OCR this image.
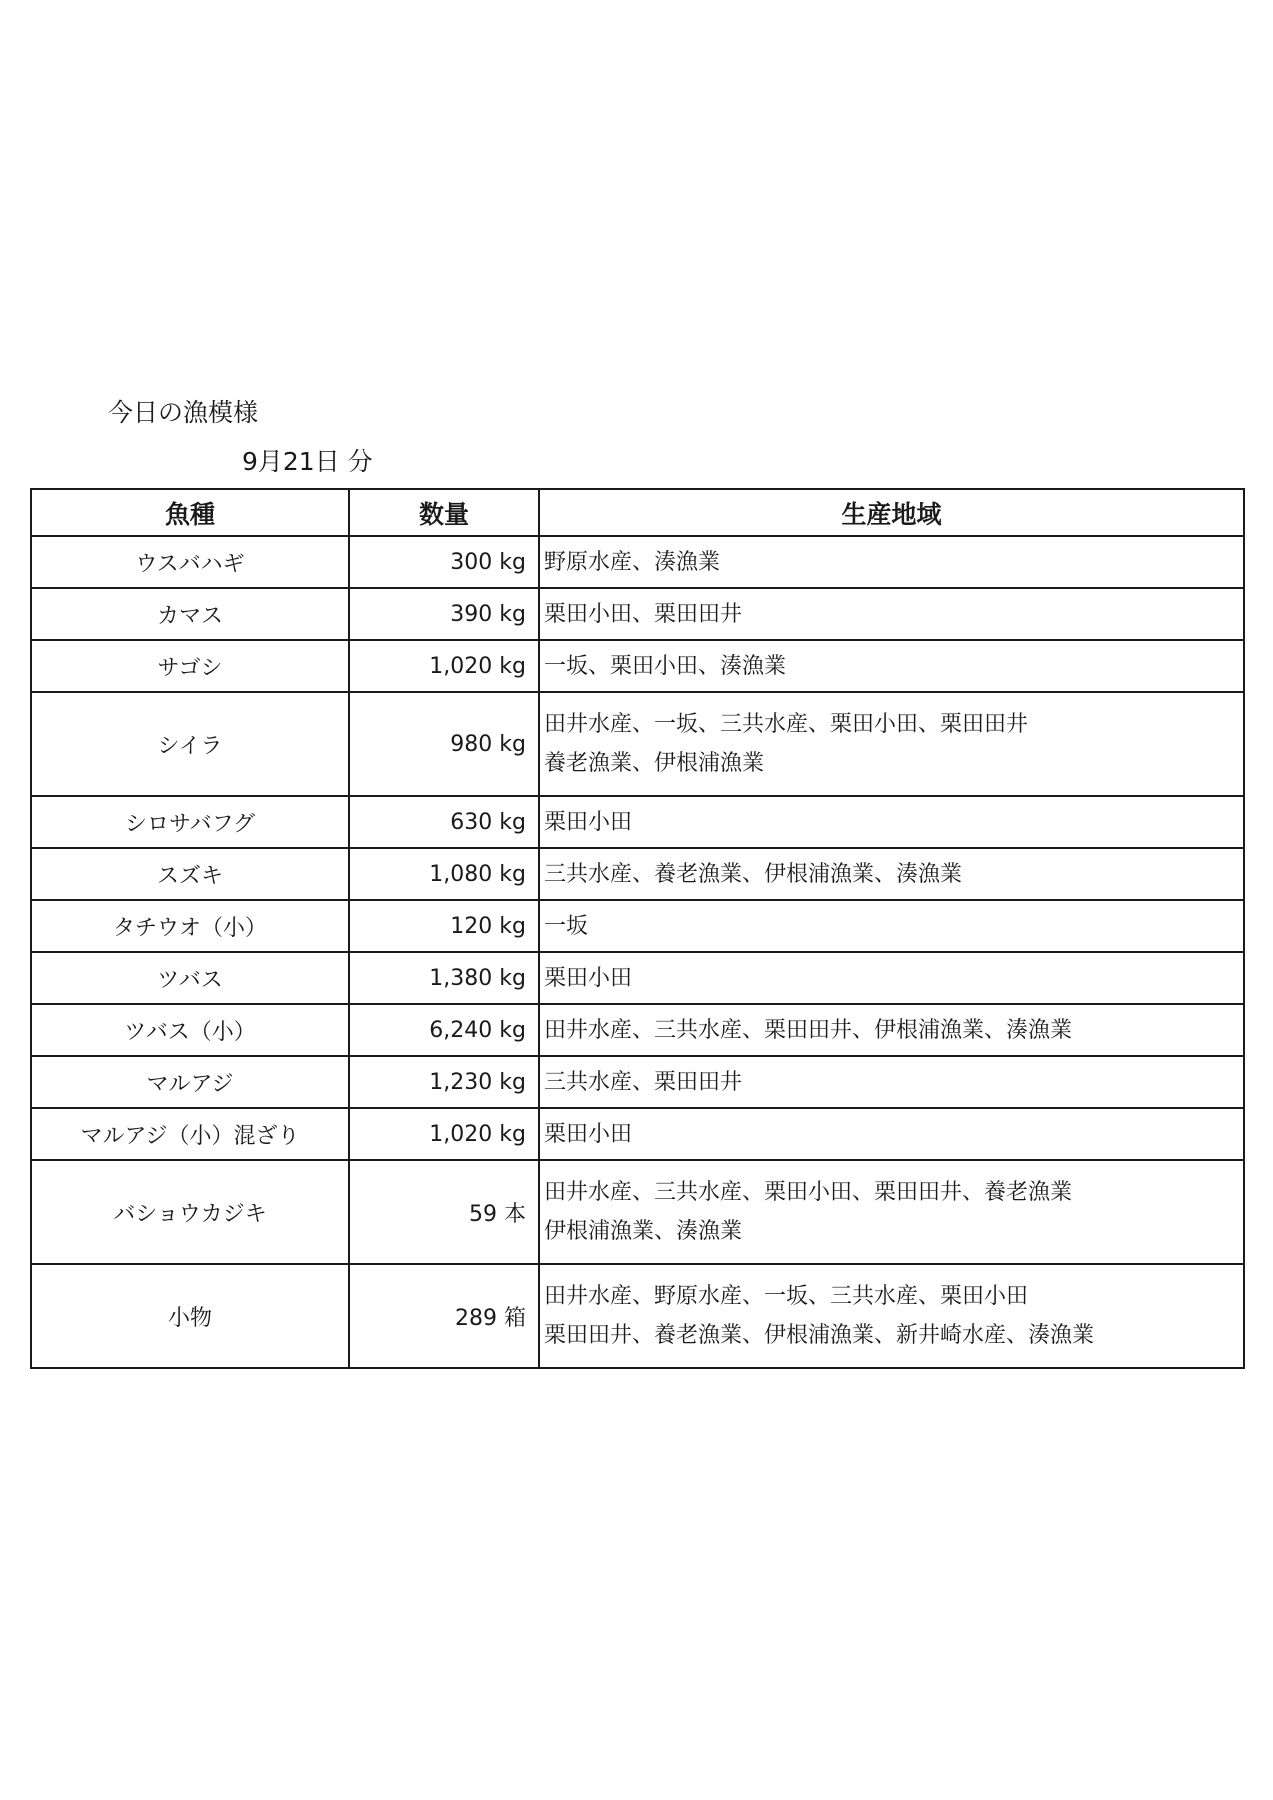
今日の漁模様
9月21日 分
魚種	数量	生産地域
ウスバハギ	300 kg	野原水産、湊漁業

カマス	390 kg	栗田小田、栗田田井

サゴシ	1,020 kg	一坂、栗田小田、湊漁業

シイラ	980 kg	田井水産、一坂、三共水産、栗田小田、栗田田井
養老漁業、伊根浦漁業

シロサバフグ	630 kg	栗田小田

スズキ	1,080 kg	三共水産、養老漁業、伊根浦漁業、湊漁業

タチウオ（小）	120 kg	一坂

ツバス	1,380 kg	栗田小田

ツバス（小）	6,240 kg	田井水産、三共水産、栗田田井、伊根浦漁業、湊漁業

マルアジ	1,230 kg	三共水産、栗田田井

マルアジ（小）混ざり	1,020 kg	栗田小田

バショウカジキ	59 本	田井水産、三共水産、栗田小田、栗田田井、養老漁業
伊根浦漁業、湊漁業

小物	289 箱	田井水産、野原水産、一坂、三共水産、栗田小田
栗田田井、養老漁業、伊根浦漁業、新井崎水産、湊漁業
